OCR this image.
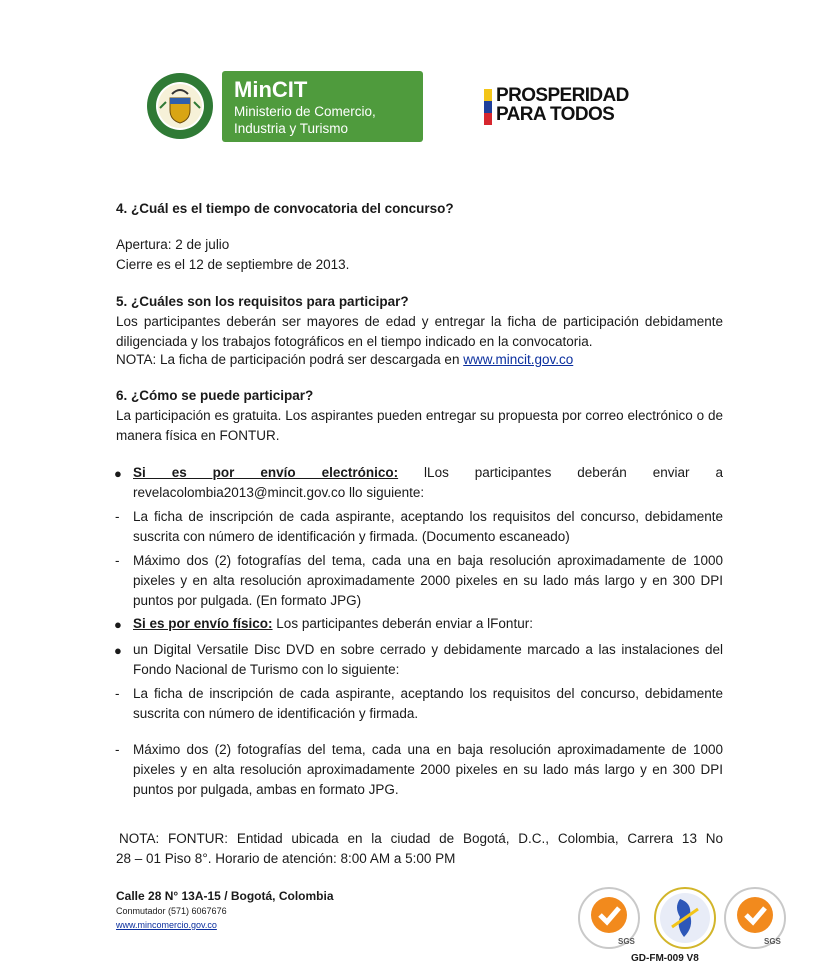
MinCIT
Ministerio de Comercio,
Industria y Turismo
PROSPERIDAD
PARA TODOS
4. ¿Cuál es el tiempo de convocatoria del concurso?
Apertura: 2 de julio
Cierre es el 12 de septiembre de 2013.
5. ¿Cuáles son los requisitos para participar?
Los participantes deberán ser mayores de edad y entregar la ficha de participación debidamente diligenciada y los trabajos fotográficos en el tiempo indicado en la convocatoria.
NOTA: La ficha de participación podrá ser descargada en www.mincit.gov.co
6. ¿Cómo se puede participar?
La participación es gratuita. Los aspirantes pueden entregar su propuesta por correo electrónico o de manera física en FONTUR.
● Si es por envío electrónico: lLos participantes deberán enviar a revelacolombia2013@mincit.gov.co llo siguiente:
- La ficha de inscripción de cada aspirante, aceptando los requisitos del concurso, debidamente suscrita con número de identificación y firmada. (Documento escaneado)
- Máximo dos (2) fotografías del tema, cada una en baja resolución aproximadamente de 1000 pixeles y en alta resolución aproximadamente 2000 pixeles en su lado más largo y en 300 DPI puntos por pulgada. (En formato JPG)
● Si es por envío físico: Los participantes deberán enviar a lFontur:
● un Digital Versatile Disc DVD en sobre cerrado y debidamente marcado a las instalaciones del Fondo Nacional de Turismo con lo siguiente:
- La ficha de inscripción de cada aspirante, aceptando los requisitos del concurso, debidamente suscrita con número de identificación y firmada.
- Máximo dos (2) fotografías del tema, cada una en baja resolución aproximadamente de 1000 pixeles y en alta resolución aproximadamente 2000 pixeles en su lado más largo y en 300 DPI puntos por pulgada, ambas en formato JPG.
NOTA: FONTUR: Entidad ubicada en la ciudad de Bogotá, D.C., Colombia, Carrera 13 No
28 – 01 Piso 8°. Horario de atención: 8:00 AM a 5:00 PM
Calle 28 N° 13A-15 / Bogotá, Colombia
Conmutador (571) 6067676
www.mincomercio.gov.co
SGS	SGS
GD-FM-009 V8
